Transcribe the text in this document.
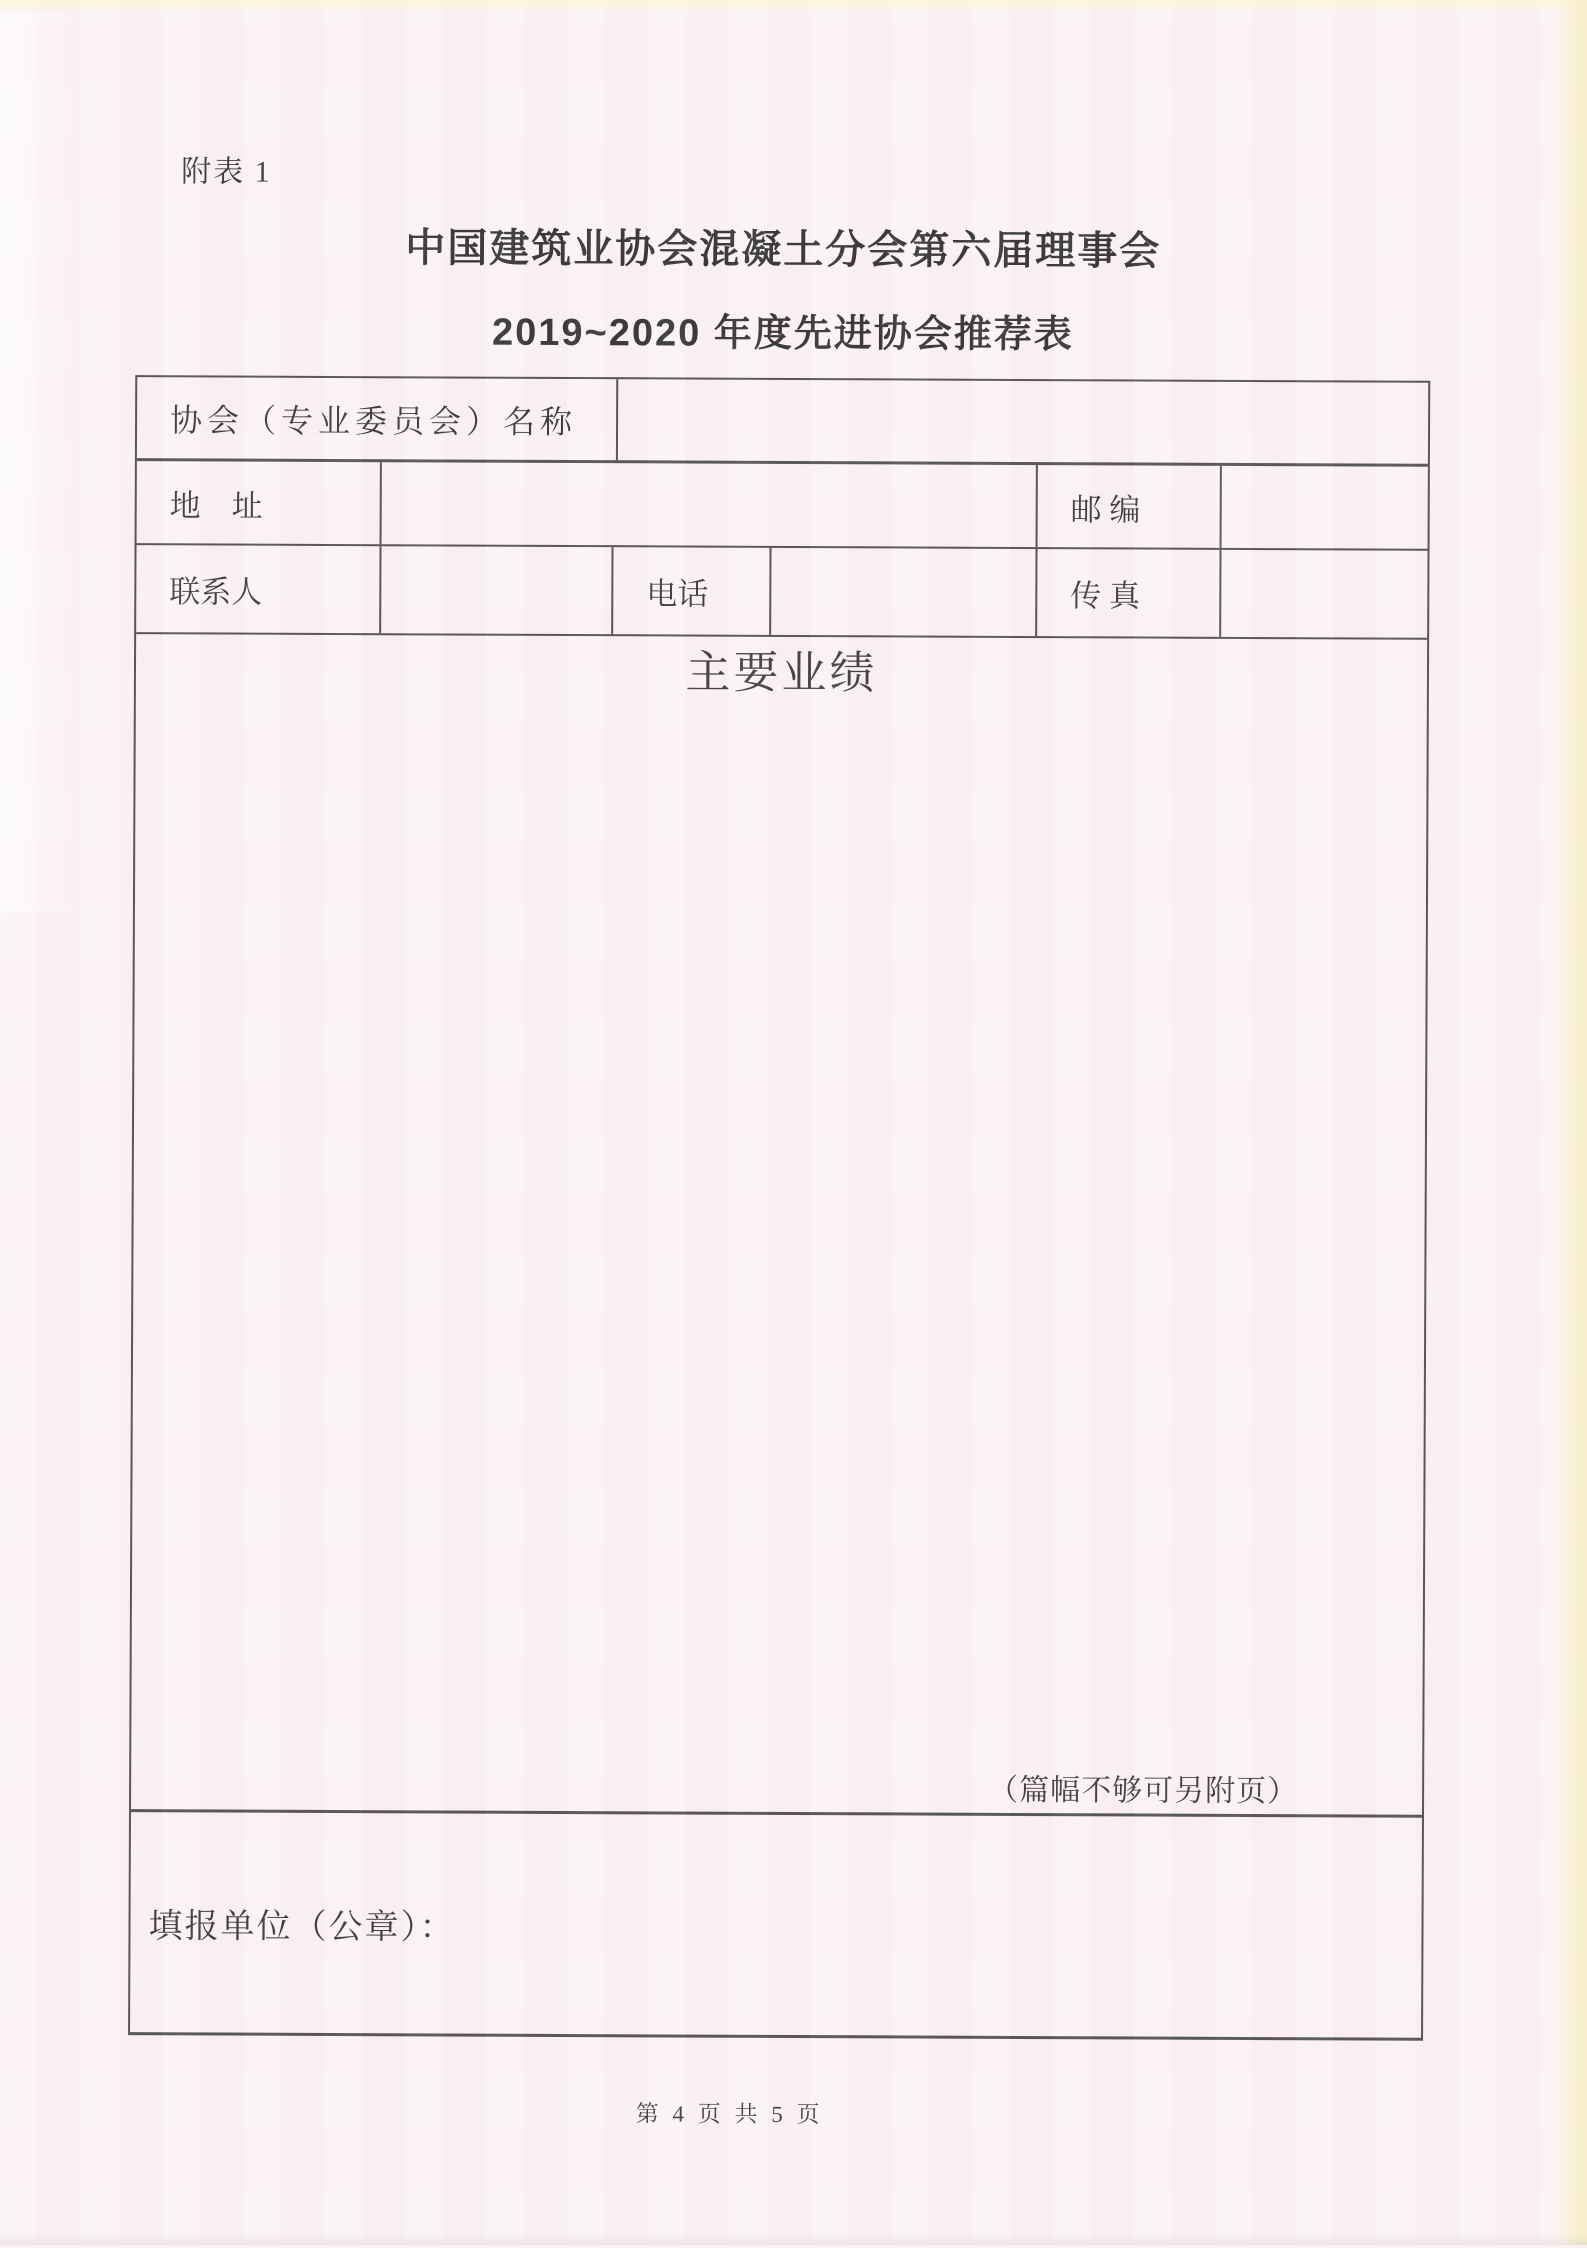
附表 1
中国建筑业协会混凝土分会第六届理事会
2019~2020 年度先进协会推荐表
协会（专业委员会）名称
地　址	邮 编
联系人	电话	传 真
主要业绩
（篇幅不够可另附页）
填报单位（公章）：
第 4 页 共 5 页
